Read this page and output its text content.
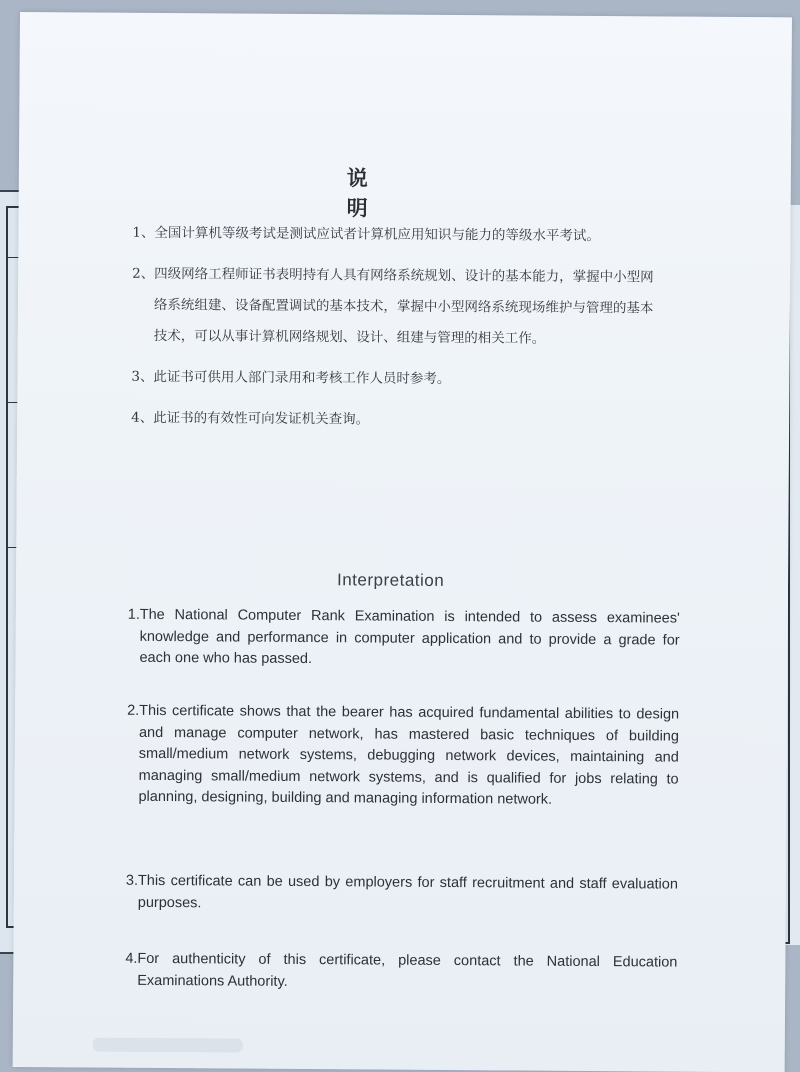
说 明
1、全国计算机等级考试是测试应试者计算机应用知识与能力的等级水平考试。
2、四级网络工程师证书表明持有人具有网络系统规划、设计的基本能力，掌握中小型网络系统组建、设备配置调试的基本技术，掌握中小型网络系统现场维护与管理的基本技术，可以从事计算机网络规划、设计、组建与管理的相关工作。
3、此证书可供用人部门录用和考核工作人员时参考。
4、此证书的有效性可向发证机关查询。
Interpretation
1. The National Computer Rank Examination is intended to assess examinees' knowledge and performance in computer application and to provide a grade for each one who has passed.
2. This certificate shows that the bearer has acquired fundamental abilities to design and manage computer network, has mastered basic techniques of building small/medium network systems, debugging network devices, maintaining and managing small/medium network systems, and is qualified for jobs relating to planning, designing, building and managing information network.
3. This certificate can be used by employers for staff recruitment and staff evaluation purposes.
4. For authenticity of this certificate, please contact the National Education Examinations Authority.
